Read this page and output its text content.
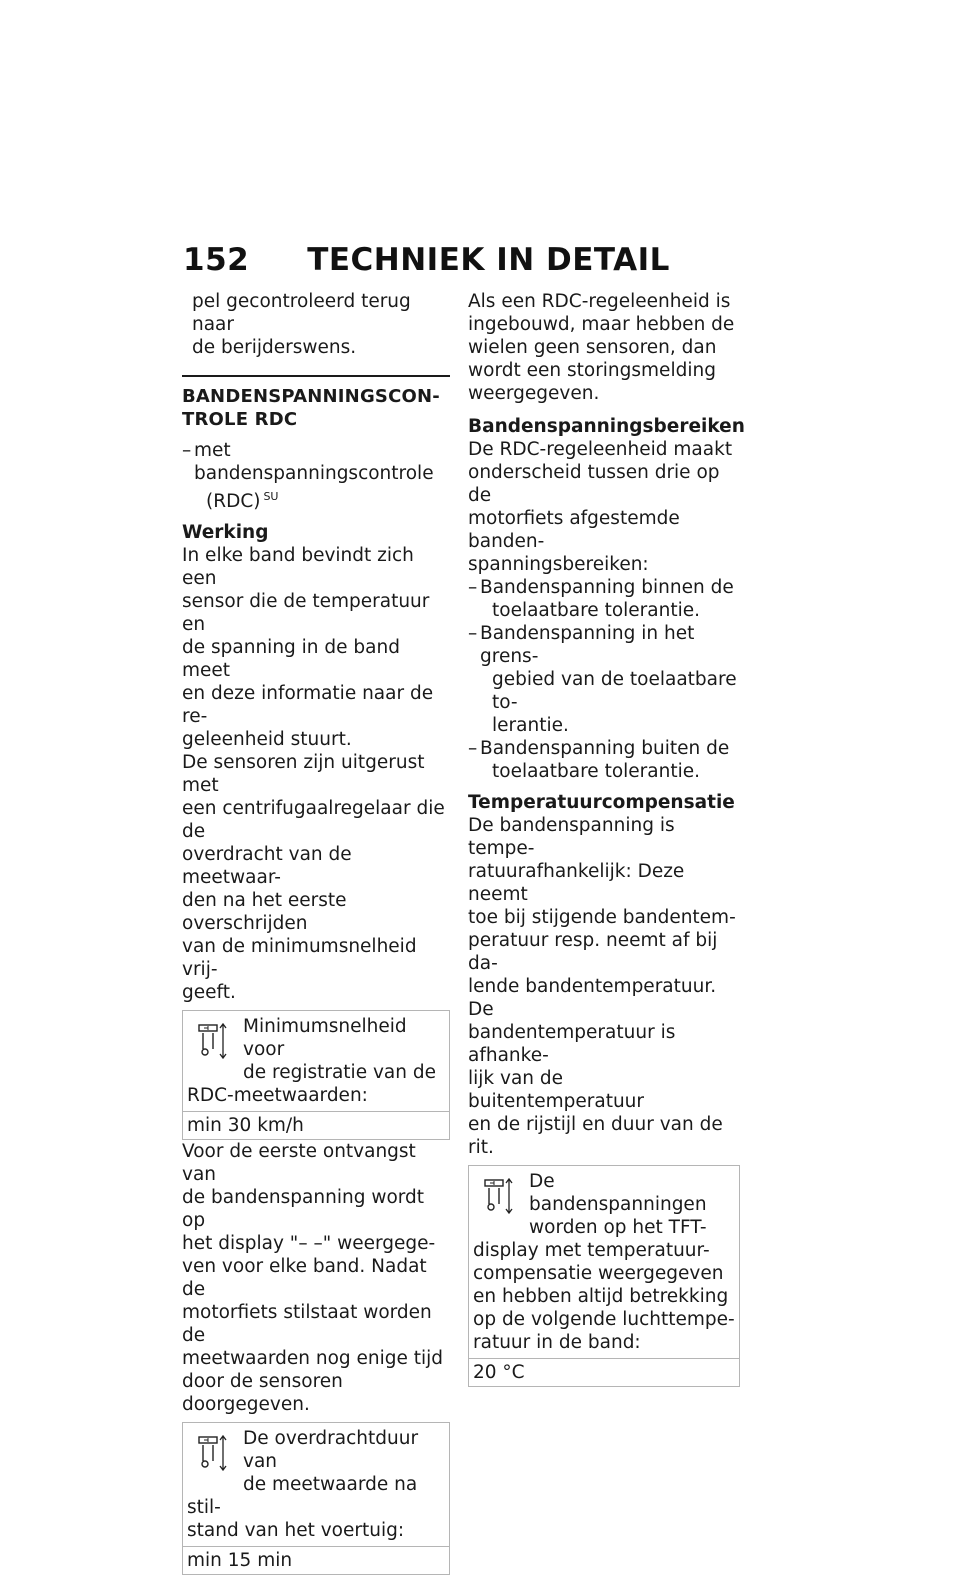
152 TECHNIEK IN DETAIL
pel gecontroleerd terug naar
de berijderswens.
BANDENSPANNINGSCON-
TROLE RDC
– met bandenspanningscontrole
(RDC) $^{SU}$
Werking
In elke band bevindt zich een
sensor die de temperatuur en
de spanning in de band meet
en deze informatie naar de re-
geleenheid stuurt.
De sensoren zijn uitgerust met
een centrifugaalregelaar die de
overdracht van de meetwaar-
den na het eerste overschrijden
van de minimumsnelheid vrij-
geeft.
Minimumsnelheid voor
de registratie van de
RDC-meetwaarden:
min 30 km/h
Voor de eerste ontvangst van
de bandenspanning wordt op
het display "– –" weergege-
ven voor elke band. Nadat de
motorfiets stilstaat worden de
meetwaarden nog enige tijd
door de sensoren doorgegeven.
De overdrachtduur van
de meetwaarde na stil-
stand van het voertuig:
min 15 min
Als een RDC-regeleenheid is
ingebouwd, maar hebben de
wielen geen sensoren, dan
wordt een storingsmelding
weergegeven.
Bandenspanningsbereiken
De RDC-regeleenheid maakt
onderscheid tussen drie op de
motorfiets afgestemde banden-
spanningsbereiken:
– Bandenspanning binnen de
toelaatbare tolerantie.
– Bandenspanning in het grens-
gebied van de toelaatbare to-
lerantie.
– Bandenspanning buiten de
toelaatbare tolerantie.
Temperatuurcompensatie
De bandenspanning is tempe-
ratuurafhankelijk: Deze neemt
toe bij stijgende bandentem-
peratuur resp. neemt af bij da-
lende bandentemperatuur. De
bandentemperatuur is afhanke-
lijk van de buitentemperatuur
en de rijstijl en duur van de rit.
De bandenspanningen
worden op het TFT-
display met temperatuur-
compensatie weergegeven
en hebben altijd betrekking
op de volgende luchttempe-
ratuur in de band:
20 °C
